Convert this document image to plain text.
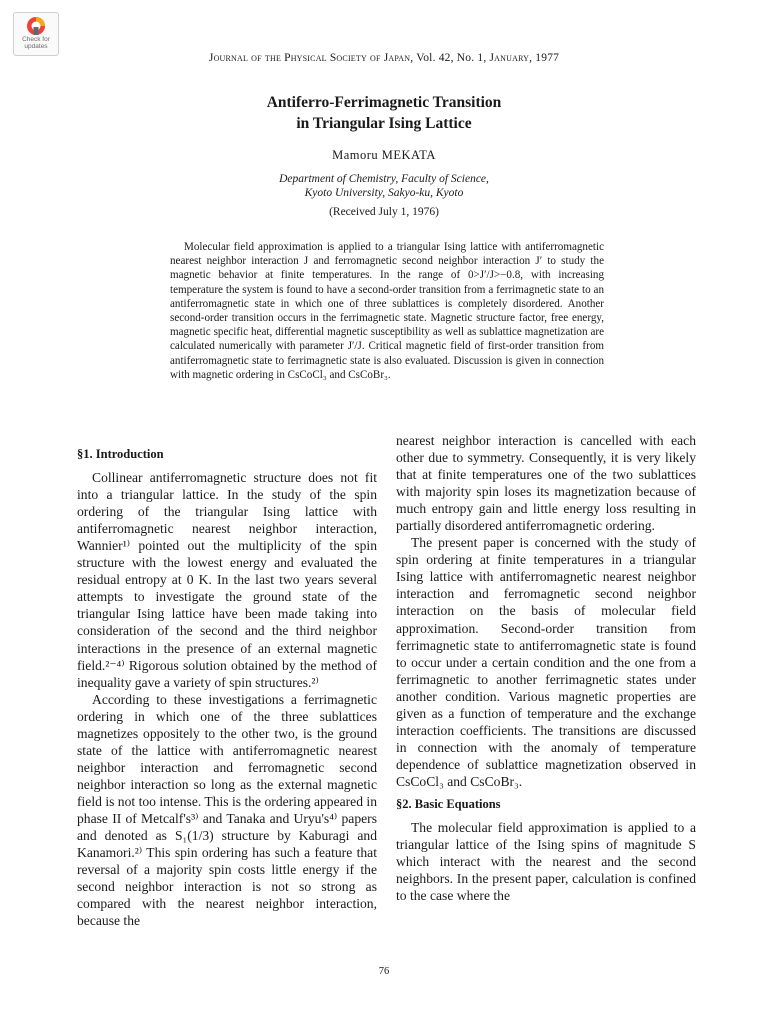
Check for
updates
Journal of the Physical Society of Japan, Vol. 42, No. 1, January, 1977
Antiferro-Ferrimagnetic Transition
in Triangular Ising Lattice
Mamoru MEKATA
Department of Chemistry, Faculty of Science,
Kyoto University, Sakyo-ku, Kyoto
(Received July 1, 1976)
Molecular field approximation is applied to a triangular Ising lattice with antiferromagnetic nearest neighbor interaction J and ferromagnetic second neighbor interaction J′ to study the magnetic behavior at finite temperatures. In the range of 0>J′/J>−0.8, with increasing temperature the system is found to have a second-order transition from a ferrimagnetic state to an antiferromagnetic state in which one of three sublattices is completely disordered. Another second-order transition occurs in the ferrimagnetic state. Magnetic structure factor, free energy, magnetic specific heat, differential magnetic susceptibility as well as sublattice magnetization are calculated numerically with parameter J′/J. Critical magnetic field of first-order transition from antiferromagnetic state to ferrimagnetic state is also evaluated. Discussion is given in connection with magnetic ordering in CsCoCl₃ and CsCoBr₃.
§1. Introduction

Collinear antiferromagnetic structure does not fit into a triangular lattice. In the study of the spin ordering of the triangular Ising lattice with antiferromagnetic nearest neighbor interaction, Wannier¹⁾ pointed out the multiplicity of the spin structure with the lowest energy and evaluated the residual entropy at 0 K. In the last two years several attempts to investigate the ground state of the triangular Ising lattice have been made taking into consideration of the second and the third neighbor interactions in the presence of an external magnetic field.²⁻⁴⁾ Rigorous solution obtained by the method of inequality gave a variety of spin structures.²⁾

According to these investigations a ferrimagnetic ordering in which one of the three sublattices magnetizes oppositely to the other two, is the ground state of the lattice with antiferromagnetic nearest neighbor interaction and ferromagnetic second neighbor interaction so long as the external magnetic field is not too intense. This is the ordering appeared in phase II of Metcalf's³⁾ and Tanaka and Uryu's⁴⁾ papers and denoted as S₁(1/3) structure by Kaburagi and Kanamori.²⁾ This spin ordering has such a feature that reversal of a majority spin costs little energy if the second neighbor interaction is not so strong as compared with the nearest neighbor interaction, because the

nearest neighbor interaction is cancelled with each other due to symmetry. Consequently, it is very likely that at finite temperatures one of the two sublattices with majority spin loses its magnetization because of much entropy gain and little energy loss resulting in partially disordered antiferromagnetic ordering.

The present paper is concerned with the study of spin ordering at finite temperatures in a triangular Ising lattice with antiferromagnetic nearest neighbor interaction and ferromagnetic second neighbor interaction on the basis of molecular field approximation. Second-order transition from ferrimagnetic state to antiferromagnetic state is found to occur under a certain condition and the one from a ferrimagnetic to another ferrimagnetic states under another condition. Various magnetic properties are given as a function of temperature and the exchange interaction coefficients. The transitions are discussed in connection with the anomaly of temperature dependence of sublattice magnetization observed in CsCoCl₃ and CsCoBr₃.

§2. Basic Equations

The molecular field approximation is applied to a triangular lattice of the Ising spins of magnitude S which interact with the nearest and the second neighbors. In the present paper, calculation is confined to the case where the

76
